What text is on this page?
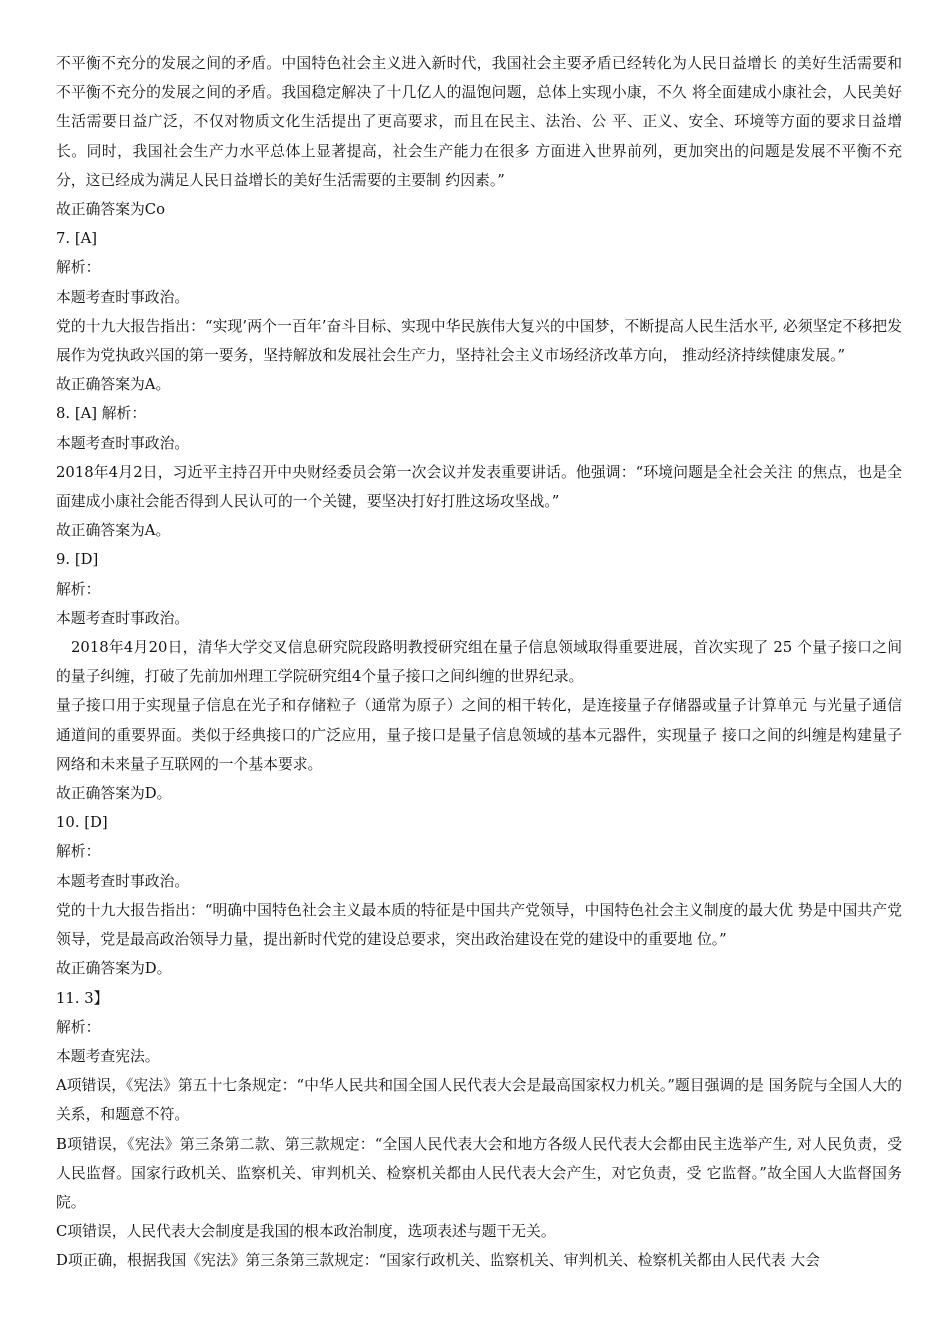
不平衡不充分的发展之间的矛盾。中国特色社会主义进入新时代，我国社会主要矛盾已经转化为人民日益增长 的美好生活需要和不平衡不充分的发展之间的矛盾。我国稳定解决了十几亿人的温饱问题，总体上实现小康，不久 将全面建成小康社会，人民美好生活需要日益广泛，不仅对物质文化生活提出了更高要求，而且在民主、法治、公 平、正义、安全、环境等方面的要求日益增长。同时，我国社会生产力水平总体上显著提高，社会生产能力在很多 方面进入世界前列，更加突出的问题是发展不平衡不充分，这已经成为满足人民日益增长的美好生活需要的主要制 约因素。”

故正确答案为Co

7. [A]

解析：

本题考查时事政治。

党的十九大报告指出：“实现’两个一百年’奋斗目标、实现中华民族伟大复兴的中国梦，不断提高人民生活水平, 必须坚定不移把发展作为党执政兴国的第一要务，坚持解放和发展社会生产力，坚持社会主义市场经济改革方向， 推动经济持续健康发展。”

故正确答案为A。

8. [A] 解析：

本题考查时事政治。

2018年4月2日，习近平主持召开中央财经委员会第一次会议并发表重要讲话。他强调：“环境问题是全社会关注 的焦点，也是全面建成小康社会能否得到人民认可的一个关键，要坚决打好打胜这场攻坚战。”

故正确答案为A。

9. [D]

解析：

本题考查时事政治。

　2018年4月20日，清华大学交叉信息研究院段路明教授研究组在量子信息领域取得重要进展，首次实现了 25 个量子接口之间的量子纠缠，打破了先前加州理工学院研究组4个量子接口之间纠缠的世界纪录。

量子接口用于实现量子信息在光子和存储粒子（通常为原子）之间的相干转化，是连接量子存储器或量子计算单元 与光量子通信通道间的重要界面。类似于经典接口的广泛应用，量子接口是量子信息领域的基本元器件，实现量子 接口之间的纠缠是构建量子网络和未来量子互联网的一个基本要求。

故正确答案为D。

10. [D]

解析：

本题考查时事政治。

党的十九大报告指出：“明确中国特色社会主义最本质的特征是中国共产党领导，中国特色社会主义制度的最大优 势是中国共产党领导，党是最高政治领导力量，提出新时代党的建设总要求，突出政治建设在党的建设中的重要地 位。”

故正确答案为D。

11. 3】

解析：

本题考查宪法。

A项错误，《宪法》第五十七条规定：“中华人民共和国全国人民代表大会是最高国家权力机关。”题目强调的是 国务院与全国人大的关系，和题意不符。

B项错误，《宪法》第三条第二款、第三款规定：“全国人民代表大会和地方各级人民代表大会都由民主选举产生, 对人民负责，受人民监督。国家行政机关、监察机关、审判机关、检察机关都由人民代表大会产生，对它负责，受 它监督。”故全国人大监督国务院。

C项错误，人民代表大会制度是我国的根本政治制度，选项表述与题干无关。

D项正确，根据我国《宪法》第三条第三款规定：“国家行政机关、监察机关、审判机关、检察机关都由人民代表 大会
